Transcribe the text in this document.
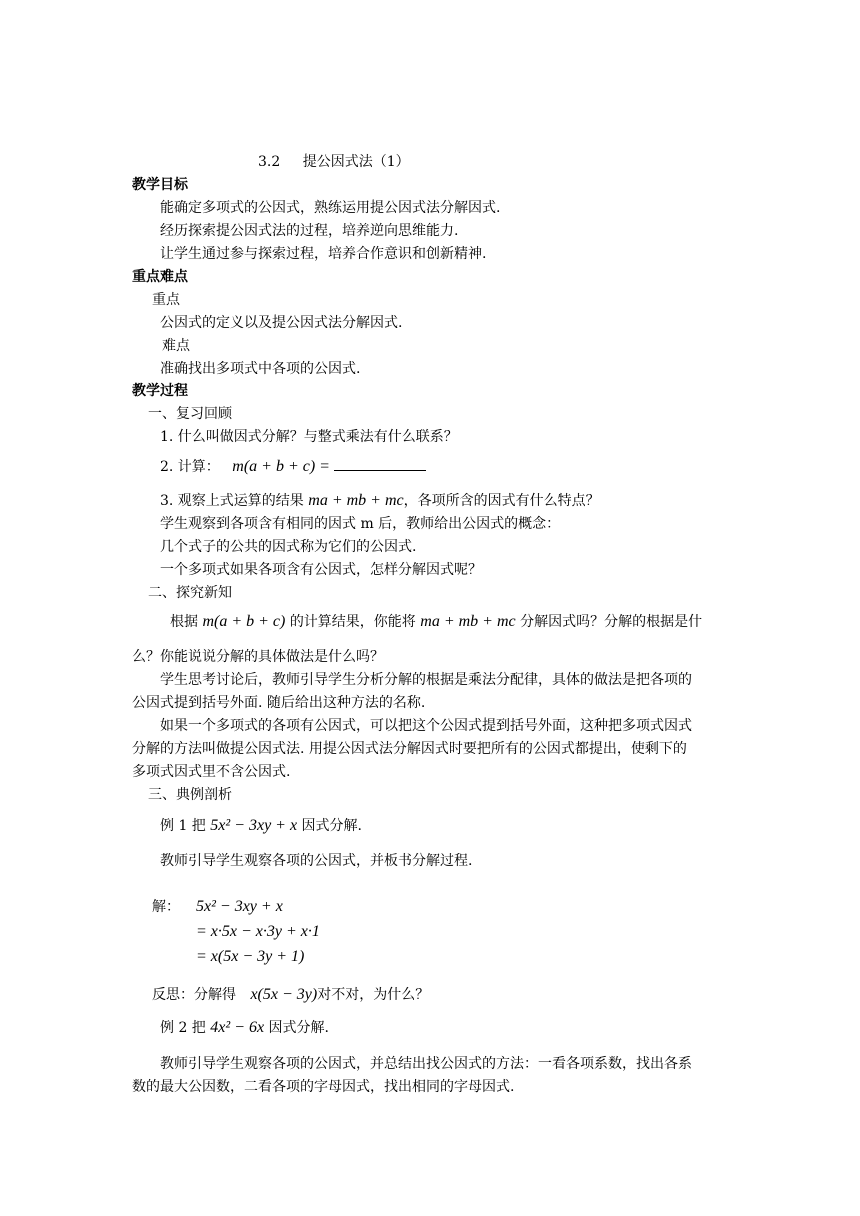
3.2 提公因式法（1）
教学目标
能确定多项式的公因式，熟练运用提公因式法分解因式.
经历探索提公因式法的过程，培养逆向思维能力.
让学生通过参与探索过程，培养合作意识和创新精神.
重点难点
重点
公因式的定义以及提公因式法分解因式.
难点
准确找出多项式中各项的公因式.
教学过程
一、复习回顾
1. 什么叫做因式分解？与整式乘法有什么联系？
2. 计算： m(a + b + c) =
3. 观察上式运算的结果 ma + mb + mc，各项所含的因式有什么特点？
学生观察到各项含有相同的因式 m 后，教师给出公因式的概念：
几个式子的公共的因式称为它们的公因式.
一个多项式如果各项含有公因式，怎样分解因式呢？
二、探究新知
根据 m(a + b + c) 的计算结果，你能将 ma + mb + mc 分解因式吗？分解的根据是什
么？你能说说分解的具体做法是什么吗？
学生思考讨论后，教师引导学生分析分解的根据是乘法分配律，具体的做法是把各项的
公因式提到括号外面. 随后给出这种方法的名称.
如果一个多项式的各项有公因式，可以把这个公因式提到括号外面，这种把多项式因式
分解的方法叫做提公因式法. 用提公因式法分解因式时要把所有的公因式都提出，使剩下的
多项式因式里不含公因式.
三、典例剖析
例 1 把 5x² − 3xy + x 因式分解.
教师引导学生观察各项的公因式，并板书分解过程.
解： 5x² − 3xy + x
= x·5x − x·3y + x·1
= x(5x − 3y + 1)
反思：分解得 x(5x − 3y)对不对，为什么？
例 2 把 4x² − 6x 因式分解.
教师引导学生观察各项的公因式，并总结出找公因式的方法：一看各项系数，找出各系
数的最大公因数，二看各项的字母因式，找出相同的字母因式.
